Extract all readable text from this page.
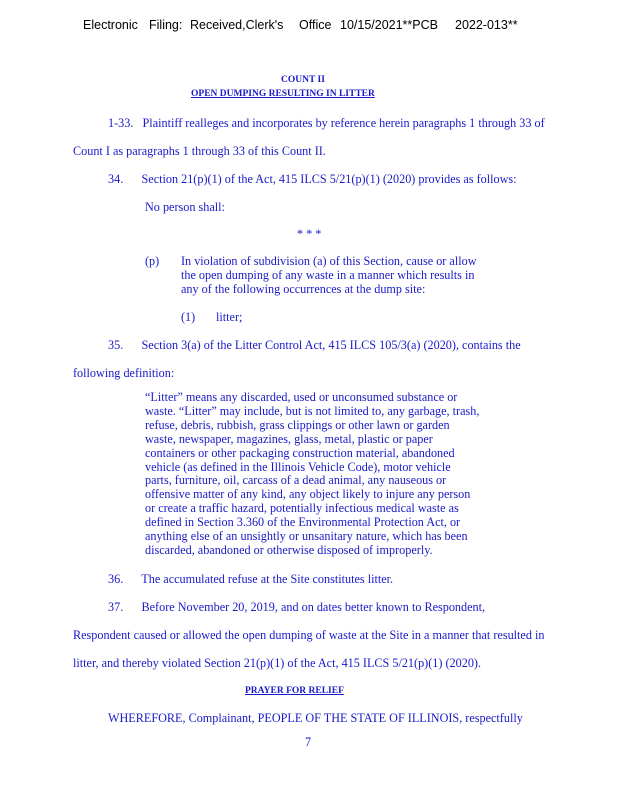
Electronic Filing: Received,Clerk's Office 10/15/2021**PCB 2022-013**
COUNT II
OPEN DUMPING RESULTING IN LITTER
1-33.   Plaintiff realleges and incorporates by reference herein paragraphs 1 through 33 of
Count I as paragraphs 1 through 33 of this Count II.
34.      Section 21(p)(1) of the Act, 415 ILCS 5/21(p)(1) (2020) provides as follows:
No person shall:
* * *
(p) In violation of subdivision (a) of this Section, cause or allow
the open dumping of any waste in a manner which results in
any of the following occurrences at the dump site:
(1) litter;
35.      Section 3(a) of the Litter Control Act, 415 ILCS 105/3(a) (2020), contains the
following definition:
“Litter” means any discarded, used or unconsumed substance or
waste. “Litter” may include, but is not limited to, any garbage, trash,
refuse, debris, rubbish, grass clippings or other lawn or garden
waste, newspaper, magazines, glass, metal, plastic or paper
containers or other packaging construction material, abandoned
vehicle (as defined in the Illinois Vehicle Code), motor vehicle
parts, furniture, oil, carcass of a dead animal, any nauseous or
offensive matter of any kind, any object likely to injure any person
or create a traffic hazard, potentially infectious medical waste as
defined in Section 3.360 of the Environmental Protection Act, or
anything else of an unsightly or unsanitary nature, which has been
discarded, abandoned or otherwise disposed of improperly.
36.      The accumulated refuse at the Site constitutes litter.
37.      Before November 20, 2019, and on dates better known to Respondent,
Respondent caused or allowed the open dumping of waste at the Site in a manner that resulted in
litter, and thereby violated Section 21(p)(1) of the Act, 415 ILCS 5/21(p)(1) (2020).
PRAYER FOR RELIEF
WHEREFORE, Complainant, PEOPLE OF THE STATE OF ILLINOIS, respectfully
7
